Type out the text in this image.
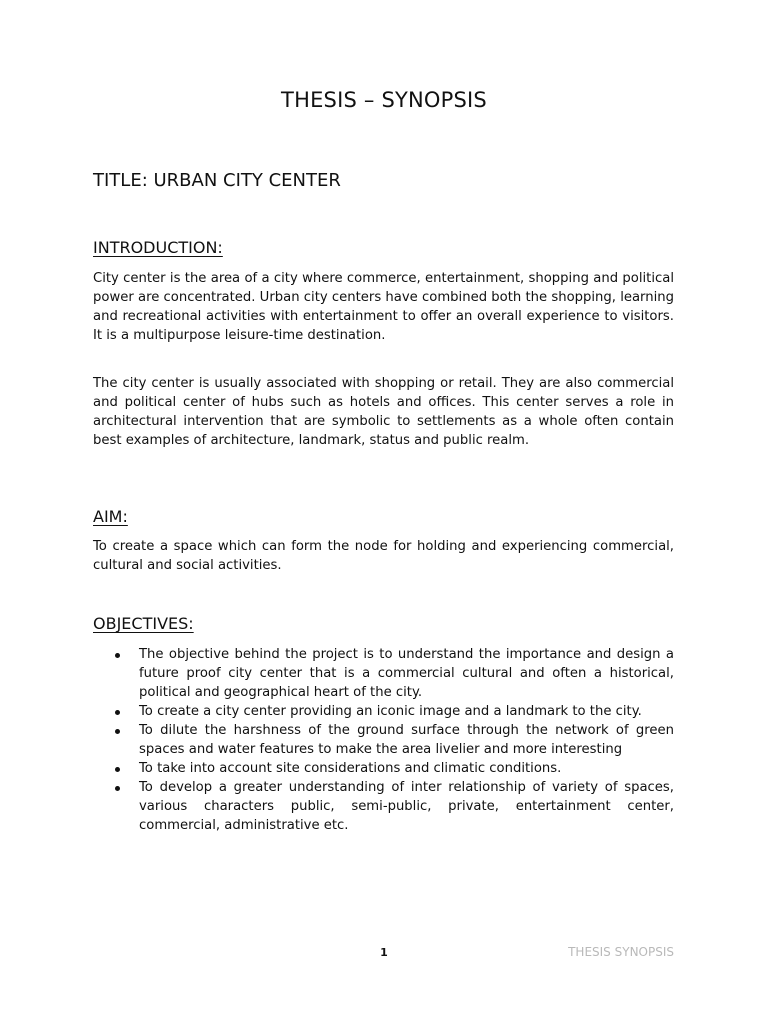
THESIS – SYNOPSIS
TITLE: URBAN CITY CENTER
INTRODUCTION:

City center is the area of a city where commerce, entertainment, shopping and political power are concentrated. Urban city centers have combined both the shopping, learning and recreational activities with entertainment to offer an overall experience to visitors. It is a multipurpose leisure-time destination.

The city center is usually associated with shopping or retail. They are also commercial and political center of hubs such as hotels and offices. This center serves a role in architectural intervention that are symbolic to settlements as a whole often contain best examples of architecture, landmark, status and public realm.

AIM:

To create a space which can form the node for holding and experiencing commercial, cultural and social activities.

OBJECTIVES:
The objective behind the project is to understand the importance and design a future proof city center that is a commercial cultural and often a historical, political and geographical heart of the city.
To create a city center providing an iconic image and a landmark to the city.
To dilute the harshness of the ground surface through the network of green spaces and water features to make the area livelier and more interesting
To take into account site considerations and climatic conditions.
To develop a greater understanding of inter relationship of variety of spaces, various characters public, semi-public, private, entertainment center, commercial, administrative etc.
1	THESIS SYNOPSIS
